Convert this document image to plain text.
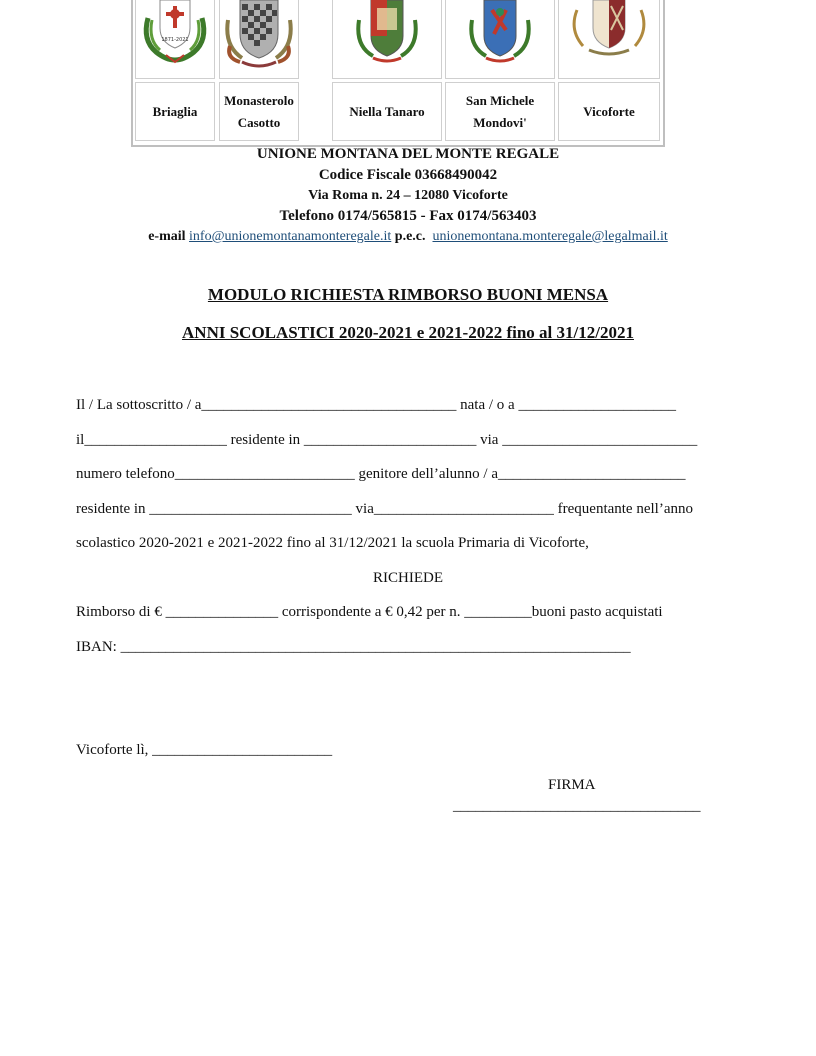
1871-2021
Briaglia
Monasterolo
Casotto
Niella Tanaro
San Michele
Mondovi'
Vicoforte
UNIONE MONTANA DEL MONTE REGALE
Codice Fiscale 03668490042
Via Roma n. 24 – 12080 Vicoforte
Telefono 0174/565815 - Fax 0174/563403
e-mail info@unionemontanamonteregale.it p.e.c. unionemontana.monteregale@legalmail.it
MODULO RICHIESTA RIMBORSO BUONI MENSA
ANNI SCOLASTICI 2020-2021 e 2021-2022 fino al 31/12/2021
Il / La sottoscritto / a__________________________________ nata / o a _____________________
il___________________ residente in _______________________ via __________________________
numero telefono________________________ genitore dell’alunno / a_________________________
residente in ___________________________ via________________________ frequentante nell’anno
scolastico 2020-2021 e 2021-2022 fino al 31/12/2021 la scuola Primaria di Vicoforte,
RICHIEDE
Rimborso di € _______________ corrispondente a € 0,42 per n. _________buoni pasto acquistati
IBAN: ____________________________________________________________________
Vicoforte lì, ________________________
FIRMA
_________________________________
